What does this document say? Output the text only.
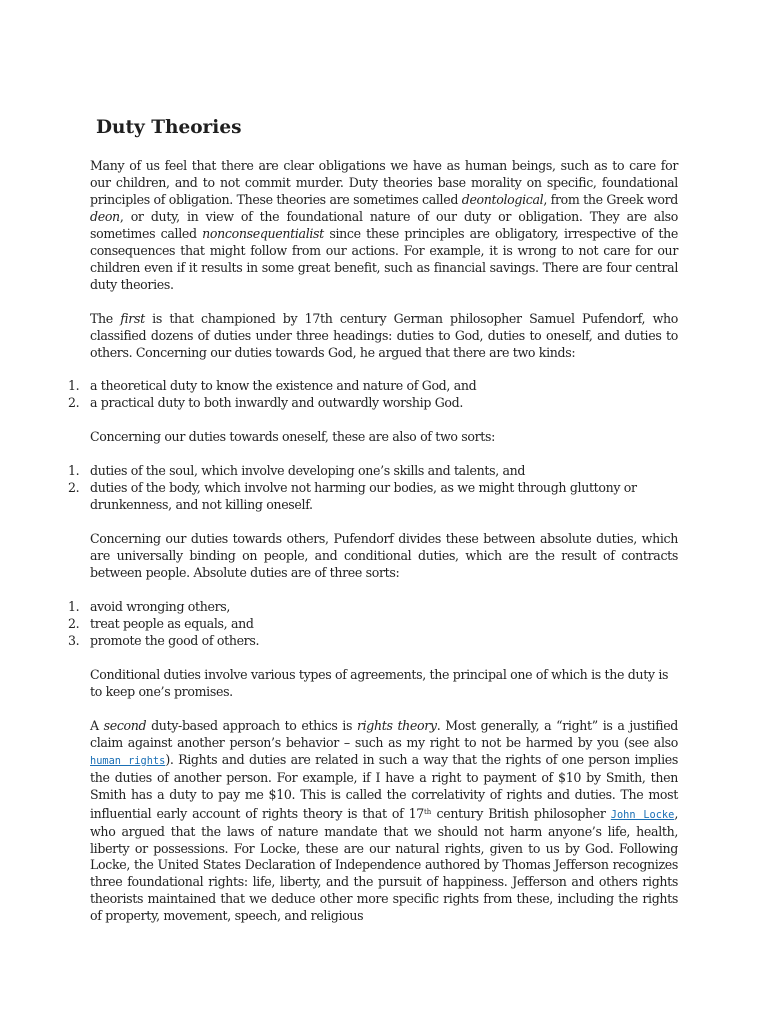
Duty Theories

Many of us feel that there are clear obligations we have as human beings, such as to care for our children, and to not commit murder. Duty theories base morality on specific, foundational principles of obligation. These theories are sometimes called deontological, from the Greek word deon, or duty, in view of the foundational nature of our duty or obligation. They are also sometimes called nonconsequentialist since these principles are obligatory, irrespective of the consequences that might follow from our actions. For example, it is wrong to not care for our children even if it results in some great benefit, such as financial savings. There are four central duty theories.

The first is that championed by 17th century German philosopher Samuel Pufendorf, who classified dozens of duties under three headings: duties to God, duties to oneself, and duties to others. Concerning our duties towards God, he argued that there are two kinds:

1. a theoretical duty to know the existence and nature of God, and
2. a practical duty to both inwardly and outwardly worship God.

Concerning our duties towards oneself, these are also of two sorts:

1. duties of the soul, which involve developing one’s skills and talents, and
2. duties of the body, which involve not harming our bodies, as we might through gluttony or drunkenness, and not killing oneself.

Concerning our duties towards others, Pufendorf divides these between absolute duties, which are universally binding on people, and conditional duties, which are the result of contracts between people. Absolute duties are of three sorts:

1. avoid wronging others,
2. treat people as equals, and
3. promote the good of others.

Conditional duties involve various types of agreements, the principal one of which is the duty is to keep one’s promises.

A second duty-based approach to ethics is rights theory. Most generally, a “right” is a justified claim against another person’s behavior – such as my right to not be harmed by you (see also human rights). Rights and duties are related in such a way that the rights of one person implies the duties of another person. For example, if I have a right to payment of $10 by Smith, then Smith has a duty to pay me $10. This is called the correlativity of rights and duties. The most influential early account of rights theory is that of 17th century British philosopher John Locke, who argued that the laws of nature mandate that we should not harm anyone’s life, health, liberty or possessions. For Locke, these are our natural rights, given to us by God. Following Locke, the United States Declaration of Independence authored by Thomas Jefferson recognizes three foundational rights: life, liberty, and the pursuit of happiness. Jefferson and others rights theorists maintained that we deduce other more specific rights from these, including the rights of property, movement, speech, and religious
